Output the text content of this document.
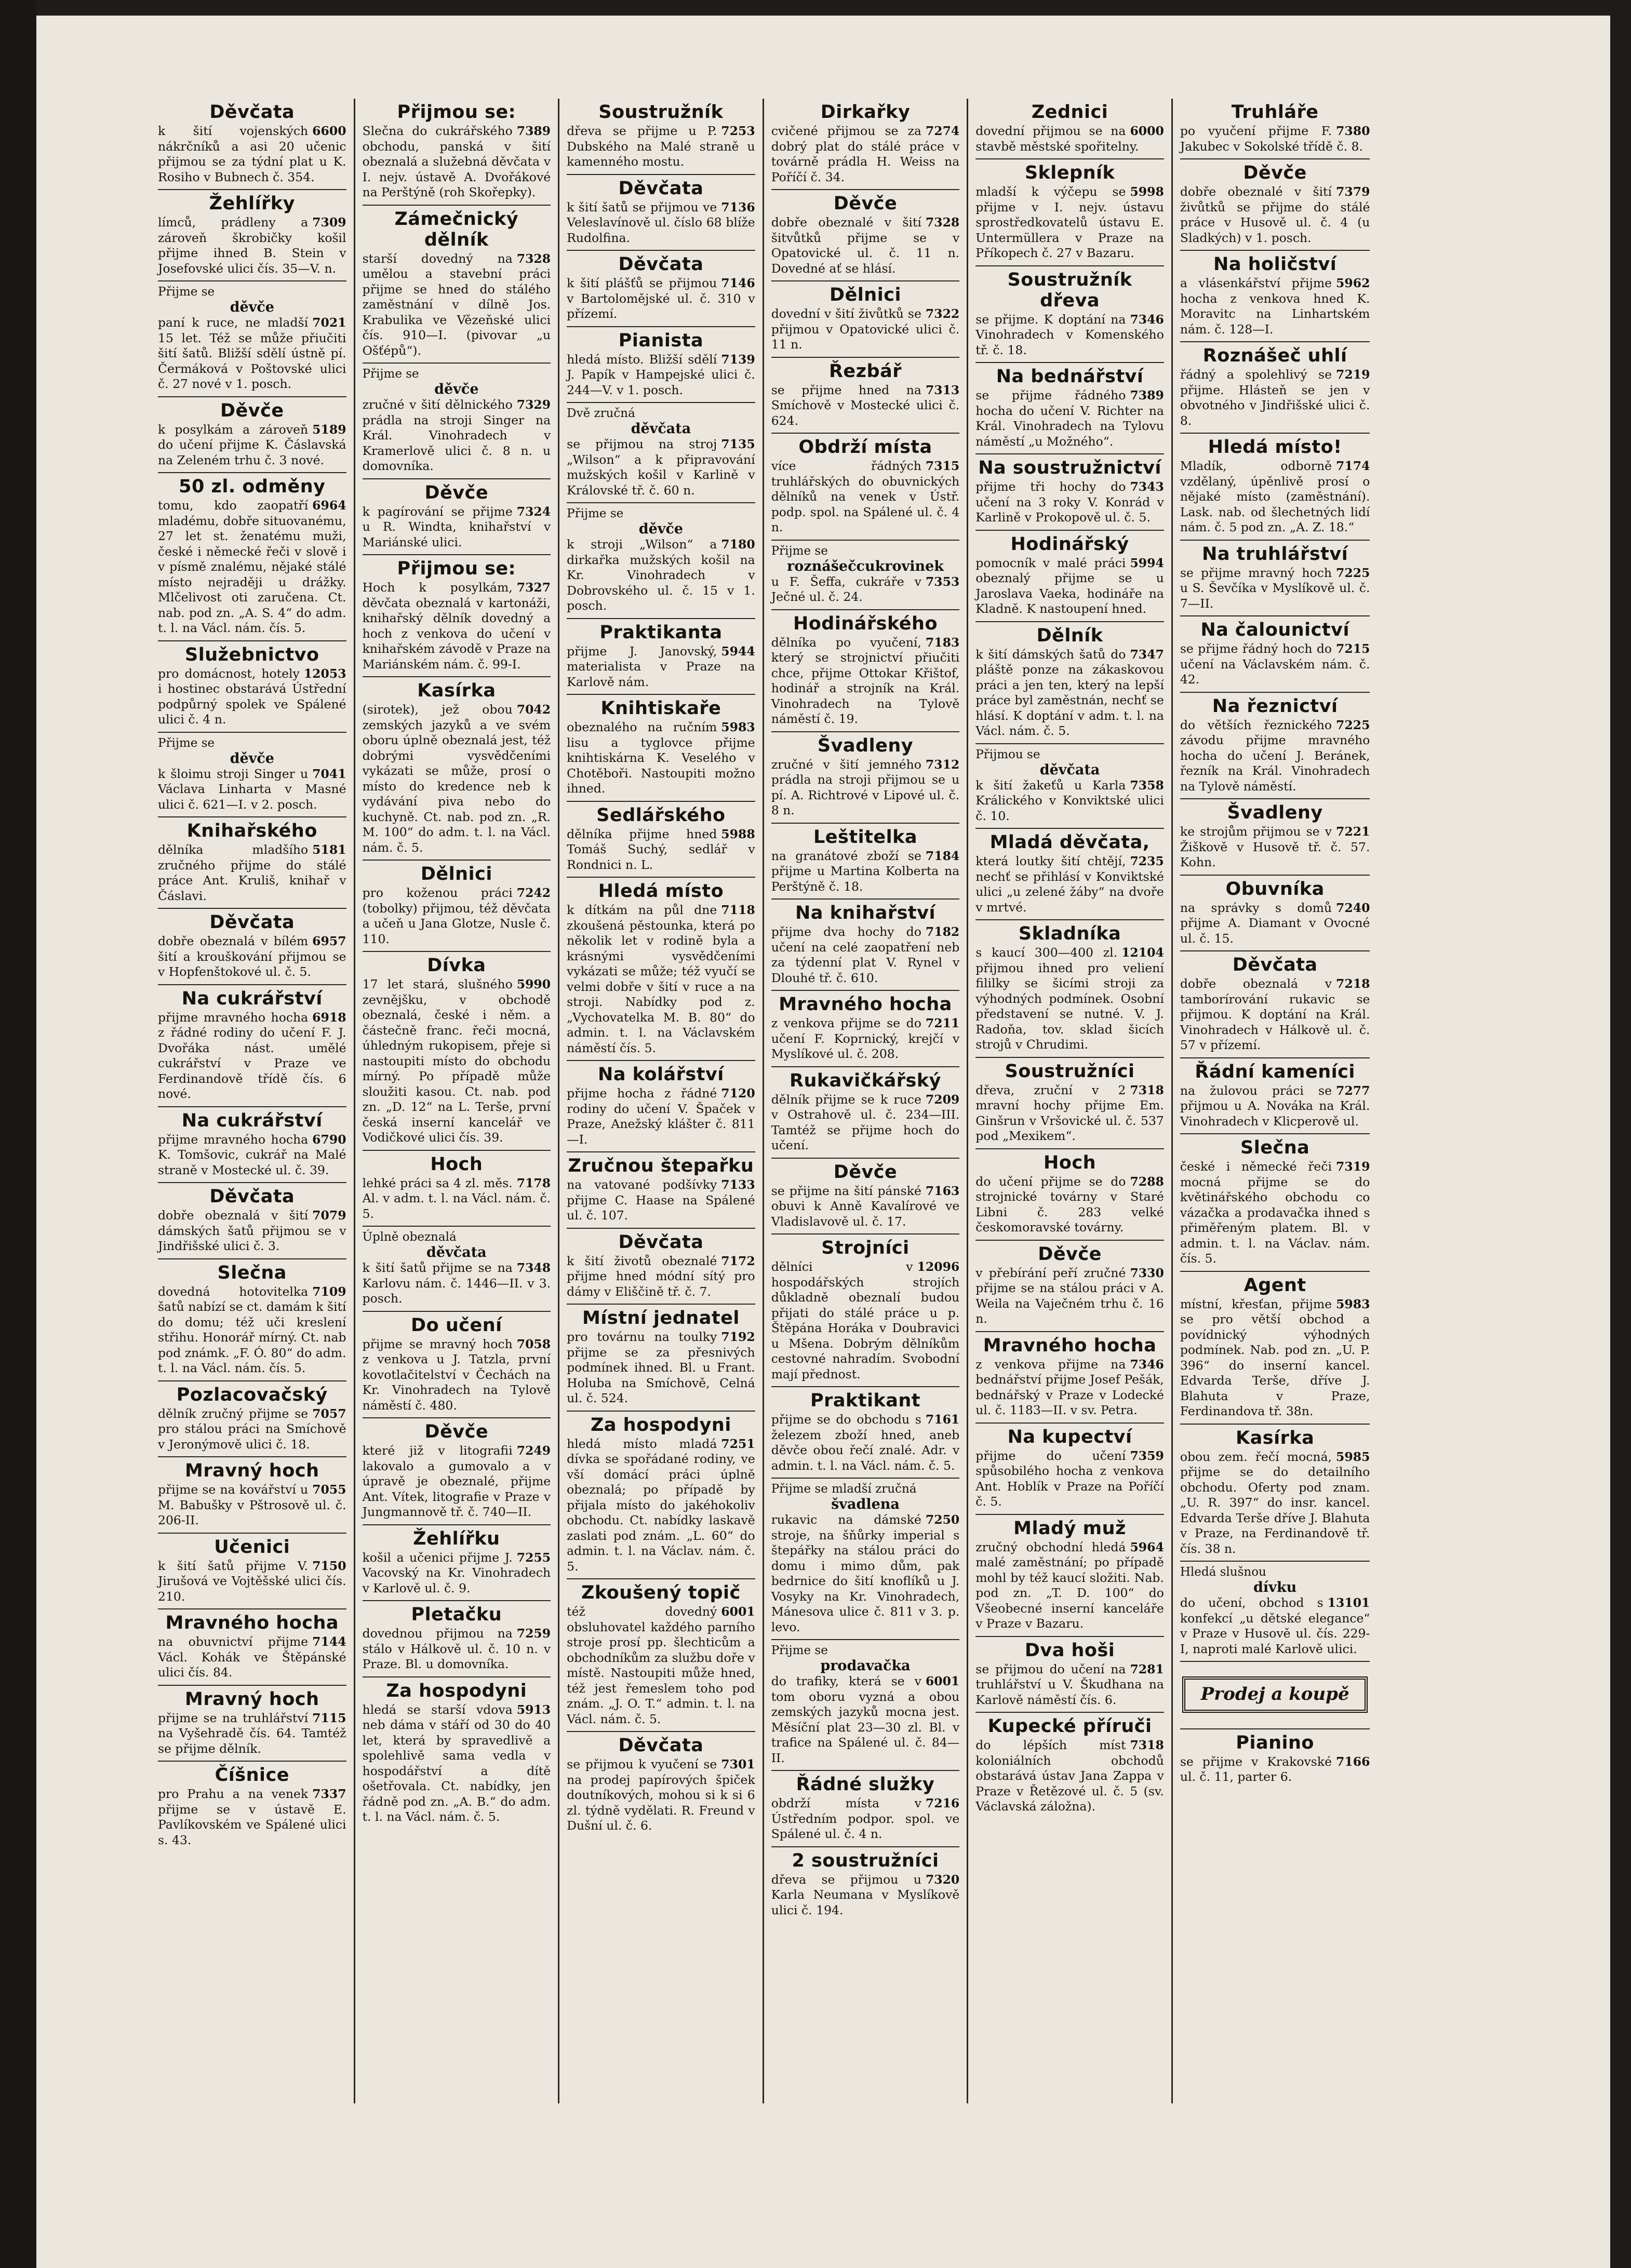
Děvčata
6600
k šití vojenských nákrčníků a asi 20 učenic přijmou se za týdní plat u K. Rosiho v Bubnech č. 354.
Žehlířky
7309
límců, prádleny a zároveň škrobičky košil přijme ihned B. Stein v Josefovské ulici čís. 35—V. n.
Přijme se
děvče
7021
paní k ruce, ne mladší 15 let. Též se může přiučiti šití šatů. Bližší sdělí ústně pí. Čermáková v Poštovské ulici č. 27 nové v 1. posch.
Děvče
5189
k posylkám a zároveň do učení přijme K. Čáslavská na Zeleném trhu č. 3 nové.
50 zl. odměny
6964
tomu, kdo zaopatří mladému, dobře situovanému, 27 let st. ženatému muži, české i německé řeči v slově i v písmě znalému, nějaké stálé místo nejraději u drážky. Mlčelivost oti zaručena. Ct. nab. pod zn. „A. S. 4“ do adm. t. l. na Václ. nám. čís. 5.
Služebnictvo
12053
pro domácnost, hotely i hostinec obstarává Ústřední podpůrný spolek ve Spálené ulici č. 4 n.
Přijme se
děvče
7041
k šloimu stroji Singer u Václava Linharta v Masné ulici č. 621—I. v 2. posch.
Knihařského
5181
dělníka mladšího zručného přijme do stálé práce Ant. Kruliš, knihař v Čáslavi.
Děvčata
6957
dobře obeznalá v bílém šití a krouškování přijmou se v Hopfenštokové ul. č. 5.
Na cukrářství
6918
přijme mravného hocha z řádné rodiny do učení F. J. Dvořáka nást. umělé cukrářství v Praze ve Ferdinandově třídě čís. 6 nové.
Na cukrářství
6790
přijme mravného hocha K. Tomšovic, cukrář na Malé straně v Mostecké ul. č. 39.
Děvčata
7079
dobře obeznalá v šití dámských šatů přijmou se v Jindřišské ulici č. 3.
Slečna
7109
dovedná hotovitelka šatů nabízí se ct. damám k šití do domu; též uči kreslení střihu. Honorář mírný. Ct. nab pod známk. „F. Ó. 80“ do adm. t. l. na Václ. nám. čís. 5.
Pozlacovačský
7057
dělník zručný přijme se pro stálou práci na Smíchově v Jeronýmově ulici č. 18.
Mravný hoch
7055
přijme se na kovářství u M. Babušky v Pštrosově ul. č. 206-II.
Učenici
7150
k šití šatů přijme V. Jirušová ve Vojtěšské ulici čís. 210.
Mravného hocha
7144
na obuvnictví přijme Václ. Kohák ve Štěpánské ulici čís. 84.
Mravný hoch
7115
přijme se na truhlářství na Vyšehradě čís. 64. Tamtéž se přijme dělník.
Číšnice
7337
pro Prahu a na venek přijme se v ústavě E. Pavlíkovském ve Spálené ulici s. 43.
Přijmou se:
7389
Slečna do cukrářského obchodu, panská v šití obeznalá a služebná děvčata v I. nejv. ústavě A. Dvořákové na Perštýně (roh Skořepky).
Zámečnický dělník
7328
starší dovedný na umělou a stavební práci přijme se hned do stálého zaměstnání v dílně Jos. Krabulika ve Vězeňské ulici čís. 910—I. (pivovar „u Ošťépů“).
Přijme se
děvče
7329
zručné v šití dělnického prádla na stroji Singer na Král. Vinohradech v Kramerlově ulici č. 8 n. u domovníka.
Děvče
7324
k pagírování se přijme u R. Windta, knihařství v Mariánské ulici.
Přijmou se:
7327
Hoch k posylkám, děvčata obeznalá v kartonáži, knihařský dělník dovedný a hoch z venkova do učení v knihařském závodě v Praze na Mariánském nám. č. 99-I.
Kasírka
7042
(sirotek), jež obou zemských jazyků a ve svém oboru úplně obeznalá jest, též dobrými vysvědčeními vykázati se může, prosí o místo do kredence neb k vydávání piva nebo do kuchyně. Ct. nab. pod zn. „R. M. 100“ do adm. t. l. na Václ. nám. č. 5.
Dělnici
7242
pro koženou práci (tobolky) přijmou, též děvčata a učeň u Jana Glotze, Nusle č. 110.
Dívka
5990
17 let stará, slušného zevnějšku, v obchodě obeznalá, české i něm. a částečně franc. řeči mocná, úhledným rukopisem, přeje si nastoupiti místo do obchodu mírný. Po případě může sloužiti kasou. Ct. nab. pod zn. „D. 12“ na L. Terše, první česká inserní kancelář ve Vodičkové ulici čís. 39.
Hoch
7178
lehké práci sa 4 zl. měs. Al. v adm. t. l. na Václ. nám. č. 5.
Úplně obeznalá
děvčata
7348
k šití šatů přijme se na Karlovu nám. č. 1446—II. v 3. posch.
Do učení
7058
přijme se mravný hoch z venkova u J. Tatzla, první kovotlačitelství v Čechách na Kr. Vinohradech na Tylově náměstí č. 480.
Děvče
7249
které již v litografii lakovalo a gumovalo a v úpravě je obeznalé, přijme Ant. Vítek, litografie v Praze v Jungmannově tř. č. 740—II.
Žehlířku
7255
košil a učenici přijme J. Vacovský na Kr. Vinohradech v Karlově ul. č. 9.
Pletačku
7259
dovednou přijmou na stálo v Hálkově ul. č. 10 n. v Praze. Bl. u domovníka.
Za hospodyni
5913
hledá se starší vdova neb dáma v stáří od 30 do 40 let, která by spravedlivě a spolehlivě sama vedla v hospodářství a dítě ošetřovala. Ct. nabídky, jen řádně pod zn. „A. B.“ do adm. t. l. na Václ. nám. č. 5.
Soustružník
7253
dřeva se přijme u P. Dubského na Malé straně u kamenného mostu.
Děvčata
7136
k šití šatů se přijmou ve Veleslavínově ul. číslo 68 blíže Rudolfina.
Děvčata
7146
k šití plášťů se přijmou v Bartolomějské ul. č. 310 v přízemí.
Pianista
7139
hledá místo. Bližší sdělí J. Papík v Hampejské ulici č. 244—V. v 1. posch.
Dvě zručná
děvčata
7135
se přijmou na stroj „Wilson“ a k připravování mužských košil v Karlině v Královské tř. č. 60 n.
Přijme se
děvče
7180
k stroji „Wilson“ a dirkařka mužských košil na Kr. Vinohradech v Dobrovského ul. č. 15 v 1. posch.
Praktikanta
5944
přijme J. Janovský, materialista v Praze na Karlově nám.
Knihtiskaře
5983
obeznalého na ručním lisu a tyglovce přijme knihtiskárna K. Veselého v Chotěboři. Nastoupiti možno ihned.
Sedlářského
5988
dělníka přijme hned Tomáš Suchý, sedlář v Rondnici n. L.
Hledá místo
7118
k dítkám na půl dne zkoušená pěstounka, která po několik let v rodině byla a krásnými vysvědčeními vykázati se může; též vyučí se velmi dobře v šití v ruce a na stroji. Nabídky pod z. „Vychovatelka M. B. 80“ do admin. t. l. na Václavském náměstí čís. 5.
Na kolářství
7120
přijme hocha z řádné rodiny do učení V. Špaček v Praze, Anežský klášter č. 811—I.
Zručnou štepařku
7133
na vatované podšívky přijme C. Haase na Spálené ul. č. 107.
Děvčata
7172
k šití životů obeznalé přijme hned módní sítý pro dámy v Eliščině tř. č. 7.
Místní jednatel
7192
pro továrnu na toulky přijme se za přesnivých podmínek ihned. Bl. u Frant. Holuba na Smíchově, Celná ul. č. 524.
Za hospodyni
7251
hledá místo mladá dívka se spořádané rodiny, ve vší domácí práci úplně obeznalá; po případě by přijala místo do jakéhokoliv obchodu. Ct. nabídky laskavě zaslati pod znám. „L. 60“ do admin. t. l. na Václav. nám. č. 5.
Zkoušený topič
6001
též dovedný obsluhovatel každého parního stroje prosí pp. šlechticům a obchodníkům za službu doře v místě. Nastoupiti může hned, též jest řemeslem toho pod znám. „J. O. T.“ admin. t. l. na Václ. nám. č. 5.
Děvčata
7301
se přijmou k vyučení se na prodej papírových špiček doutníkových, mohou si k si 6 zl. týdně vydělati. R. Freund v Dušní ul. č. 6.
Dirkařky
7274
cvičené přijmou se za dobrý plat do stálé práce v továrně prádla H. Weiss na Poříčí č. 34.
Děvče
7328
dobře obeznalé v šití šitvůtků přijme se v Opatovické ul. č. 11 n. Dovedné ať se hlásí.
Dělnici
7322
dovední v šití živůtků se přijmou v Opatovické ulici č. 11 n.
Řezbář
7313
se přijme hned na Smíchově v Mostecké ulici č. 624.
Obdrží místa
7315
více řádných truhlářských do obuvnických dělníků na venek v Ústř. podp. spol. na Spálené ul. č. 4 n.
Přijme se
roznášečcukrovinek
7353
u F. Šeffa, cukráře v Ječné ul. č. 24.
Hodinářského
7183
dělníka po vyučení, který se strojnictví přiučiti chce, přijme Ottokar Křištof, hodinář a strojník na Král. Vinohradech na Tylově náměstí č. 19.
Švadleny
7312
zručné v šití jemného prádla na stroji přijmou se u pí. A. Richtrové v Lipové ul. č. 8 n.
Leštitelka
7184
na granátové zboží se přijme u Martina Kolberta na Perštýně č. 18.
Na knihařství
7182
přijme dva hochy do učení na celé zaopatření neb za týdenní plat V. Rynel v Dlouhé tř. č. 610.
Mravného hocha
7211
z venkova přijme se do učení F. Koprnický, krejčí v Myslíkové ul. č. 208.
Rukavičkářský
7209
dělník přijme se k ruce v Ostrahově ul. č. 234—III. Tamtéž se přijme hoch do učení.
Děvče
7163
se přijme na šití pánské obuvi k Anně Kavalírové ve Vladislavově ul. č. 17.
Strojníci
12096
dělníci v hospodářských strojích důkladně obeznalí budou přijati do stálé práce u p. Štěpána Horáka v Doubravici u Mšena. Dobrým dělníkům cestovné nahradím. Svobodní mají přednost.
Praktikant
7161
přijme se do obchodu s železem zboží hned, aneb děvče obou řečí znalé. Adr. v admin. t. l. na Václ. nám. č. 5.
Přijme se mladší zručná
švadlena
7250
rukavic na dámské stroje, na šňůrky imperial s štepářky na stálou práci do domu i mimo dům, pak bedrnice do šití knoflíků u J. Vosyky na Kr. Vinohradech, Mánesova ulice č. 811 v 3. p. levo.
Přijme se
prodavačka
6001
do trafiky, která se v tom oboru vyzná a obou zemských jazyků mocna jest. Měsíční plat 23—30 zl. Bl. v trafice na Spálené ul. č. 84—II.
Řádné služky
7216
obdrží místa v Ústředním podpor. spol. ve Spálené ul. č. 4 n.
2 soustružníci
7320
dřeva se přijmou u Karla Neumana v Myslíkově ulici č. 194.
Zednici
6000
dovední přijmou se na stavbě městské spořitelny.
Sklepník
5998
mladší k výčepu se přijme v I. nejv. ústavu sprostředkovatelů ústavu E. Untermüllera v Praze na Příkopech č. 27 v Bazaru.
Soustružník dřeva
7346
se přijme. K doptání na Vinohradech v Komenského tř. č. 18.
Na bednářství
7389
se přijme řádného hocha do učení V. Richter na Král. Vinohradech na Tylovu náměstí „u Možného“.
Na soustružnictví
7343
přijme tři hochy do učení na 3 roky V. Konrád v Karlině v Prokopově ul. č. 5.
Hodinářský
5994
pomocník v malé práci obeznalý přijme se u Jaroslava Vaeka, hodináře na Kladně. K nastoupení hned.
Dělník
7347
k šití dámských šatů do pláště ponze na zákaskovou práci a jen ten, který na lepší práce byl zaměstnán, nechť se hlásí. K doptání v adm. t. l. na Václ. nám. č. 5.
Přijmou se
děvčata
7358
k šití žakeťů u Karla Králického v Konviktské ulici č. 10.
Mladá děvčata,
7235
která loutky šití chtějí, nechť se přihlásí v Konviktské ulici „u zelené žáby“ na dvoře v mrtvé.
Skladníka
12104
s kaucí 300—400 zl. přijmou ihned pro veliení fililky se šicími stroji za výhodných podmínek. Osobní představení se nutné. V. J. Radoňa, tov. sklad šicích strojů v Chrudimi.
Soustružníci
7318
dřeva, zruční v 2 mravní hochy přijme Em. Ginšrun v Vršovické ul. č. 537 pod „Mexikem“.
Hoch
7288
do učení přijme se do strojnické továrny v Staré Libni č. 283 velké českomoravské továrny.
Děvče
7330
v přebírání peří zručné přijme se na stálou práci v A. Weila na Vaječném trhu č. 16 n.
Mravného hocha
7346
z venkova přijme na bednářství přijme Josef Pešák, bednářský v Praze v Lodecké ul. č. 1183—II. v sv. Petra.
Na kupectví
7359
přijme do učení spůsobilého hocha z venkova Ant. Hoblík v Praze na Poříčí č. 5.
Mladý muž
5964
zručný obchodní hledá malé zaměstnání; po případě mohl by též kaucí složiti. Nab. pod zn. „T. D. 100“ do Všeobecné inserní kanceláře v Praze v Bazaru.
Dva hoši
7281
se přijmou do učení na truhlářství u V. Škudhana na Karlově náměstí čís. 6.
Kupecké příruči
7318
do lépších míst koloniálních obchodů obstarává ústav Jana Zappa v Praze v Řetězové ul. č. 5 (sv. Václavská záložna).
Truhláře
7380
po vyučení přijme F. Jakubec v Sokolské třídě č. 8.
Děvče
7379
dobře obeznalé v šití živůtků se přijme do stálé práce v Husově ul. č. 4 (u Sladkých) v 1. posch.
Na holičství
5962
a vlásenkářství přijme hocha z venkova hned K. Moravitc na Linhartském nám. č. 128—I.
Roznášeč uhlí
7219
řádný a spolehlivý se přijme. Hlásteň se jen v obvotného v Jindřišské ulici č. 8.
Hledá místo!
7174
Mladík, odborně vzdělaný, úpěnlivě prosí o nějaké místo (zaměstnání). Lask. nab. od šlechetných lidí nám. č. 5 pod zn. „A. Z. 18.“
Na truhlářství
7225
se přijme mravný hoch u S. Ševčíka v Myslíkově ul. č. 7—II.
Na čalounictví
7215
se přijme řádný hoch do učení na Václavském nám. č. 42.
Na řeznictví
7225
do větších řeznického závodu přijme mravného hocha do učení J. Beránek, řezník na Král. Vinohradech na Tylově náměstí.
Švadleny
7221
ke strojům přijmou se v Žiškově v Husově tř. č. 57. Kohn.
Obuvníka
7240
na správky s domů přijme A. Diamant v Ovocné ul. č. 15.
Děvčata
7218
dobře obeznalá v tamborírování rukavic se přijmou. K doptání na Král. Vinohradech v Hálkově ul. č. 57 v přízemí.
Řádní kameníci
7277
na žulovou práci se přijmou u A. Nováka na Král. Vinohradech v Klicperově ul.
Slečna
7319
české i německé řeči mocná přijme se do květinářského obchodu co vázačka a prodavačka ihned s přiměřeným platem. Bl. v admin. t. l. na Václav. nám. čís. 5.
Agent
5983
místní, křesťan, přijme se pro větší obchod a povídnický výhodných podmínek. Nab. pod zn. „U. P. 396“ do inserní kancel. Edvarda Terše, dříve J. Blahuta v Praze, Ferdinandova tř. 38n.
Kasírka
5985
obou zem. řečí mocná, přijme se do detailního obchodu. Oferty pod znam. „U. R. 397“ do insr. kancel. Edvarda Terše dříve J. Blahuta v Praze, na Ferdinandově tř. čís. 38 n.
Hledá slušnou
dívku
13101
do učení, obchod s konfekcí „u dětské elegance“ v Praze v Husově ul. čís. 229-I, naproti malé Karlově ulici.
Prodej a koupě
Pianino
7166
se přijme v Krakovské ul. č. 11, parter 6.
